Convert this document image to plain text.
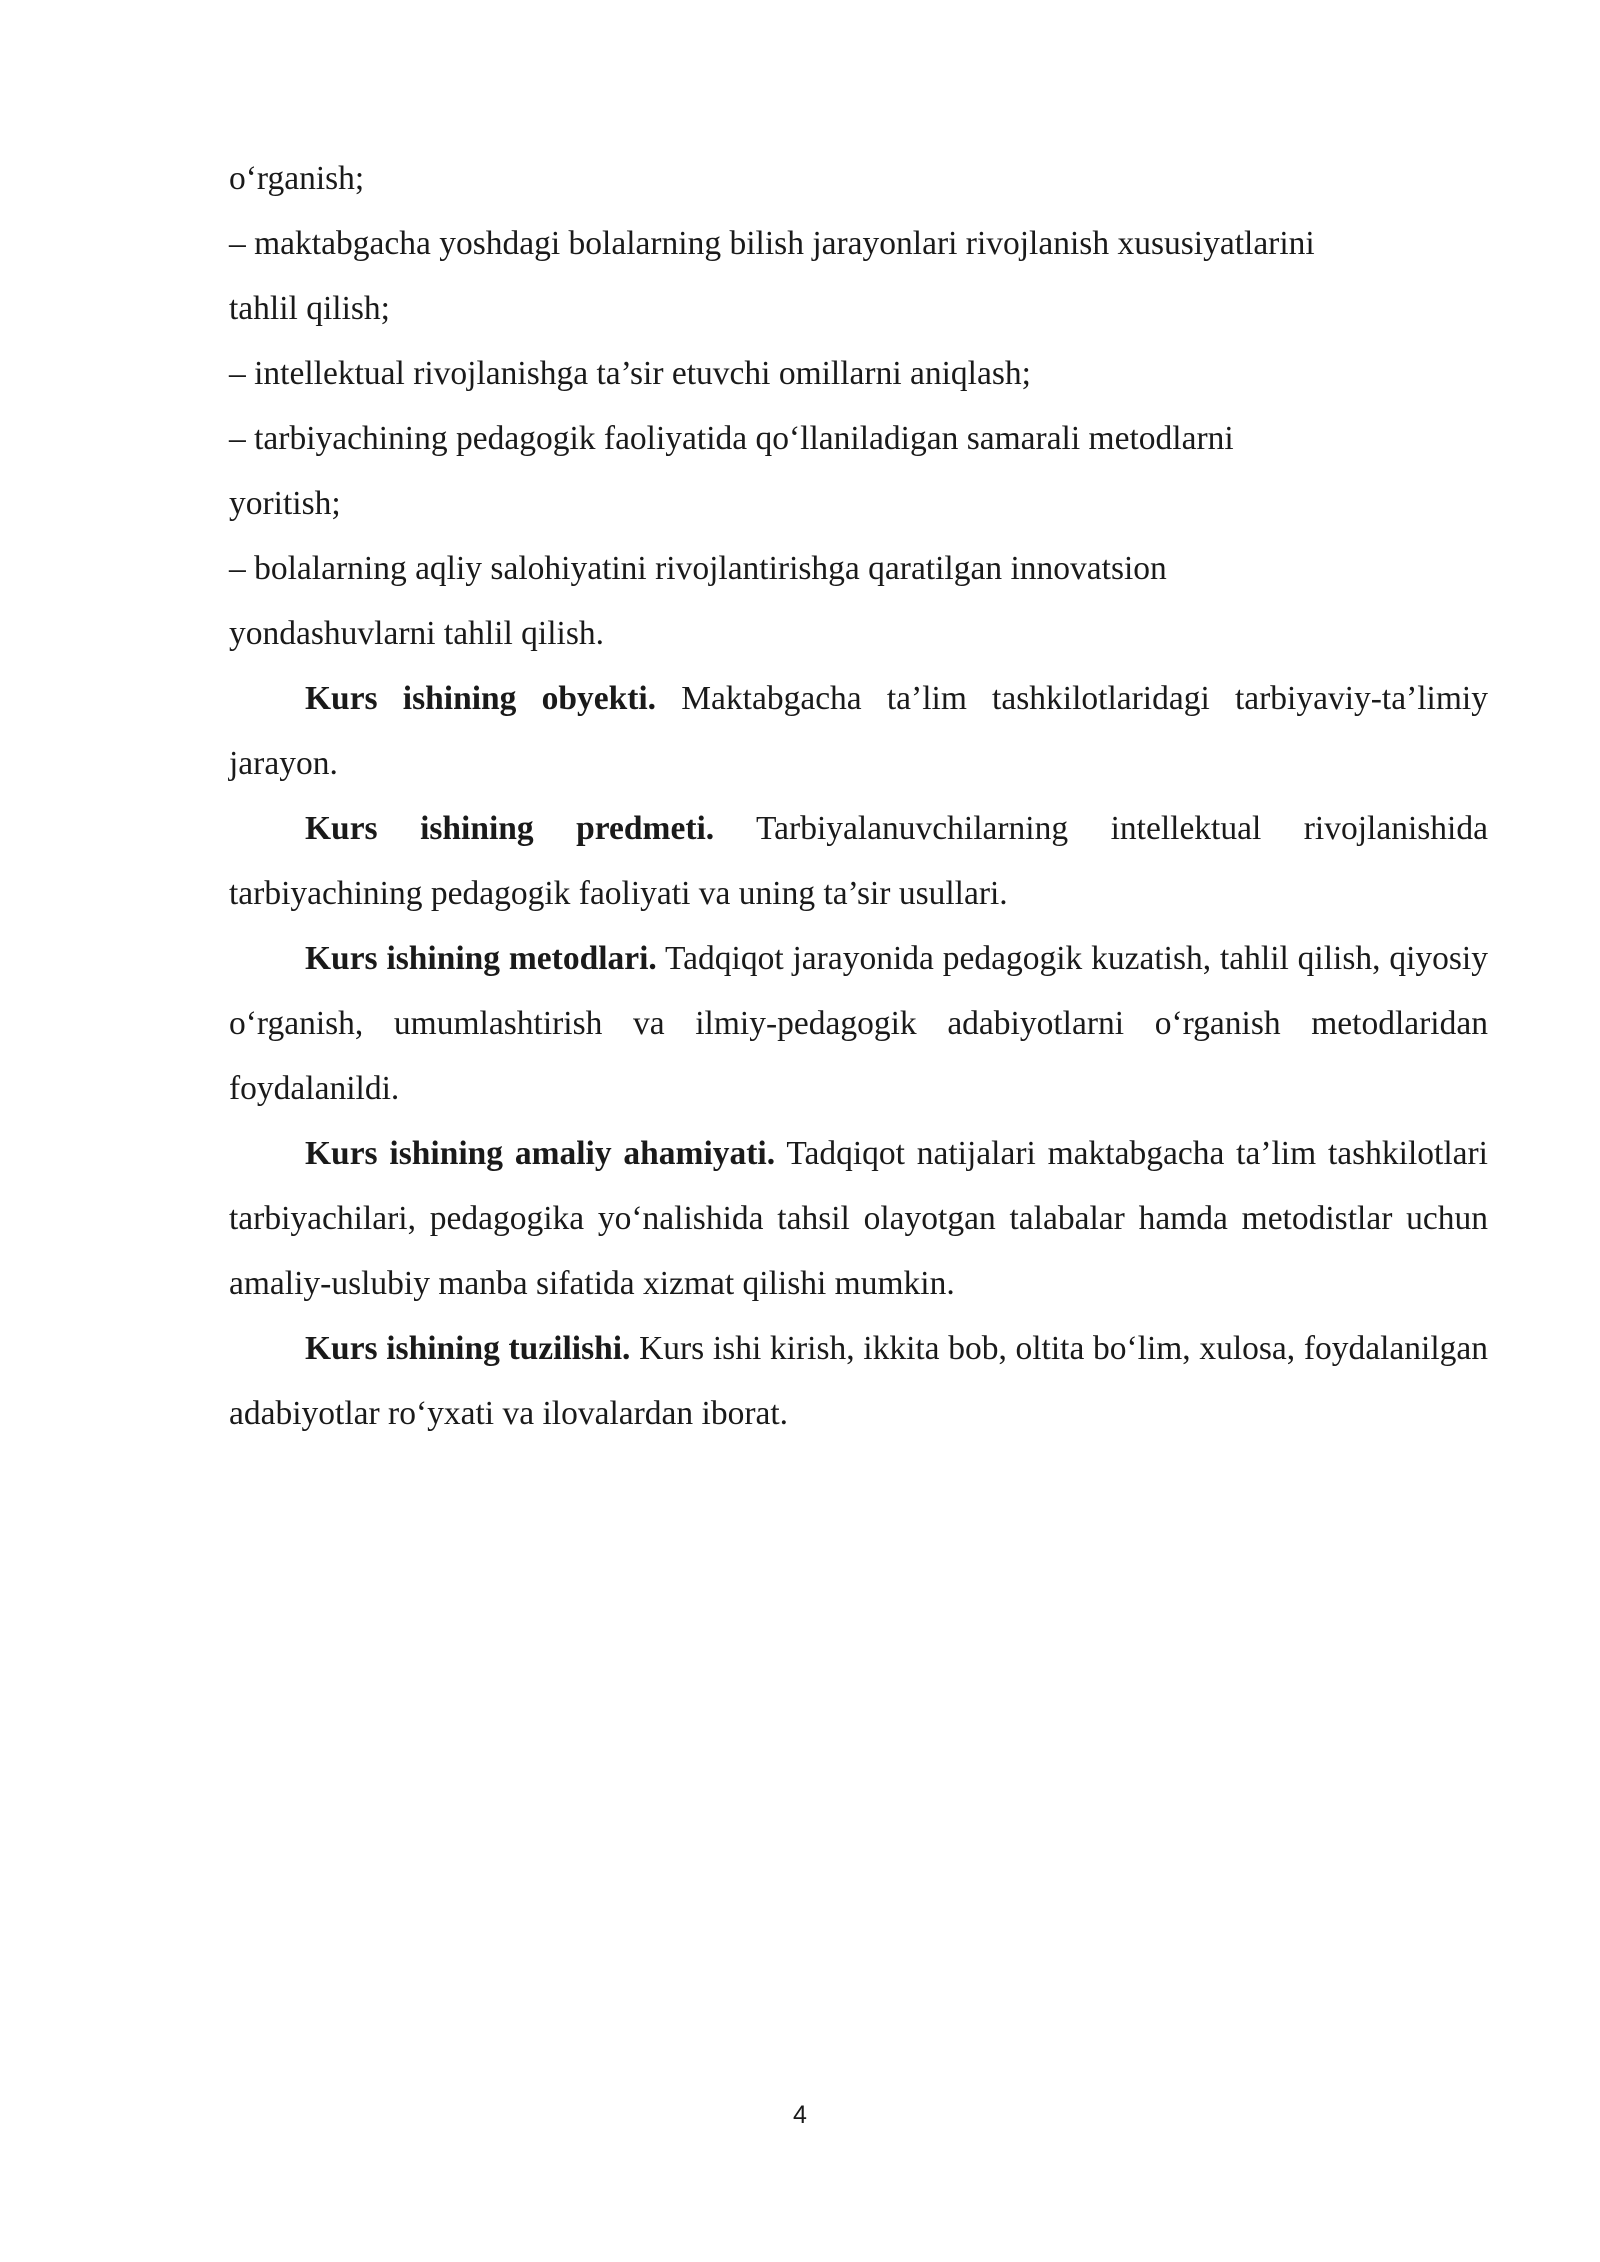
o‘rganish;

– maktabgacha yoshdagi bolalarning bilish jarayonlari rivojlanish xususiyatlarini

tahlil qilish;

– intellektual rivojlanishga ta’sir etuvchi omillarni aniqlash;

– tarbiyachining pedagogik faoliyatida qo‘llaniladigan samarali metodlarni

yoritish;

– bolalarning aqliy salohiyatini rivojlantirishga qaratilgan innovatsion

yondashuvlarni tahlil qilish.

Kurs ishining obyekti. Maktabgacha ta’lim tashkilotlaridagi tarbiyaviy-ta’limiy jarayon.

Kurs ishining predmeti. Tarbiyalanuvchilarning intellektual rivojlanishida tarbiyachining pedagogik faoliyati va uning ta’sir usullari.

Kurs ishining metodlari. Tadqiqot jarayonida pedagogik kuzatish, tahlil qilish, qiyosiy o‘rganish, umumlashtirish va ilmiy-pedagogik adabiyotlarni o‘rganish metodlaridan foydalanildi.

Kurs ishining amaliy ahamiyati. Tadqiqot natijalari maktabgacha ta’lim tashkilotlari tarbiyachilari, pedagogika yo‘nalishida tahsil olayotgan talabalar hamda metodistlar uchun amaliy-uslubiy manba sifatida xizmat qilishi mumkin.

Kurs ishining tuzilishi. Kurs ishi kirish, ikkita bob, oltita bo‘lim, xulosa, foydalanilgan adabiyotlar ro‘yxati va ilovalardan iborat.

4
